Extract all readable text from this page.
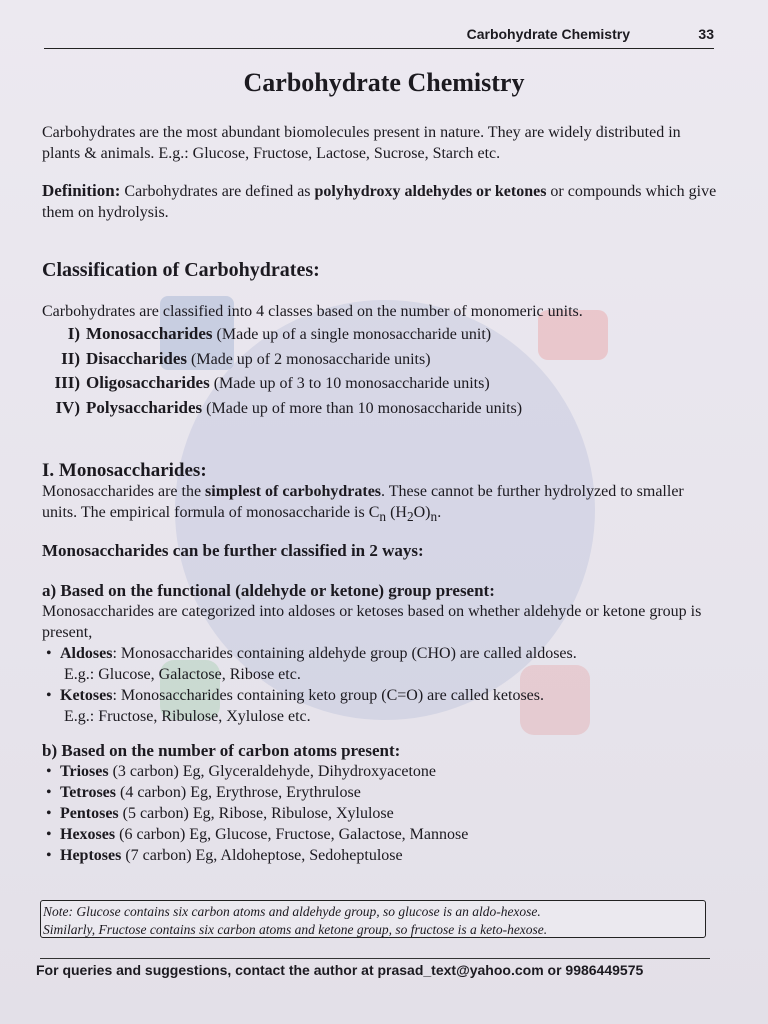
Carbohydrate Chemistry	33
Carbohydrate Chemistry

Carbohydrates are the most abundant biomolecules present in nature. They are widely distributed in plants & animals. E.g.: Glucose, Fructose, Lactose, Sucrose, Starch etc.

Definition: Carbohydrates are defined as polyhydroxy aldehydes or ketones or compounds which give them on hydrolysis.

Classification of Carbohydrates:

Carbohydrates are classified into 4 classes based on the number of monomeric units.

I) Monosaccharides (Made up of a single monosaccharide unit)
II) Disaccharides (Made up of 2 monosaccharide units)
III) Oligosaccharides (Made up of 3 to 10 monosaccharide units)
IV) Polysaccharides (Made up of more than 10 monosaccharide units)

I. Monosaccharides:

Monosaccharides are the simplest of carbohydrates. These cannot be further hydrolyzed to smaller units. The empirical formula of monosaccharide is $C_n$ $(H_2O)_n$.

Monosaccharides can be further classified in 2 ways:

a) Based on the functional (aldehyde or ketone) group present:

Monosaccharides are categorized into aldoses or ketoses based on whether aldehyde or ketone group is present,

• Aldoses: Monosaccharides containing aldehyde group (CHO) are called aldoses.

E.g.: Glucose, Galactose, Ribose etc.

• Ketoses: Monosaccharides containing keto group (C=O) are called ketoses.

E.g.: Fructose, Ribulose, Xylulose etc.

b) Based on the number of carbon atoms present:

• Trioses (3 carbon) Eg, Glyceraldehyde, Dihydroxyacetone
• Tetroses (4 carbon) Eg, Erythrose, Erythrulose
• Pentoses (5 carbon) Eg, Ribose, Ribulose, Xylulose
• Hexoses (6 carbon) Eg, Glucose, Fructose, Galactose, Mannose
• Heptoses (7 carbon) Eg, Aldoheptose, Sedoheptulose
Note: Glucose contains six carbon atoms and aldehyde group, so glucose is an aldo-hexose.
Similarly, Fructose contains six carbon atoms and ketone group, so fructose is a keto-hexose.
For queries and suggestions, contact the author at prasad_text@yahoo.com or 9986449575
